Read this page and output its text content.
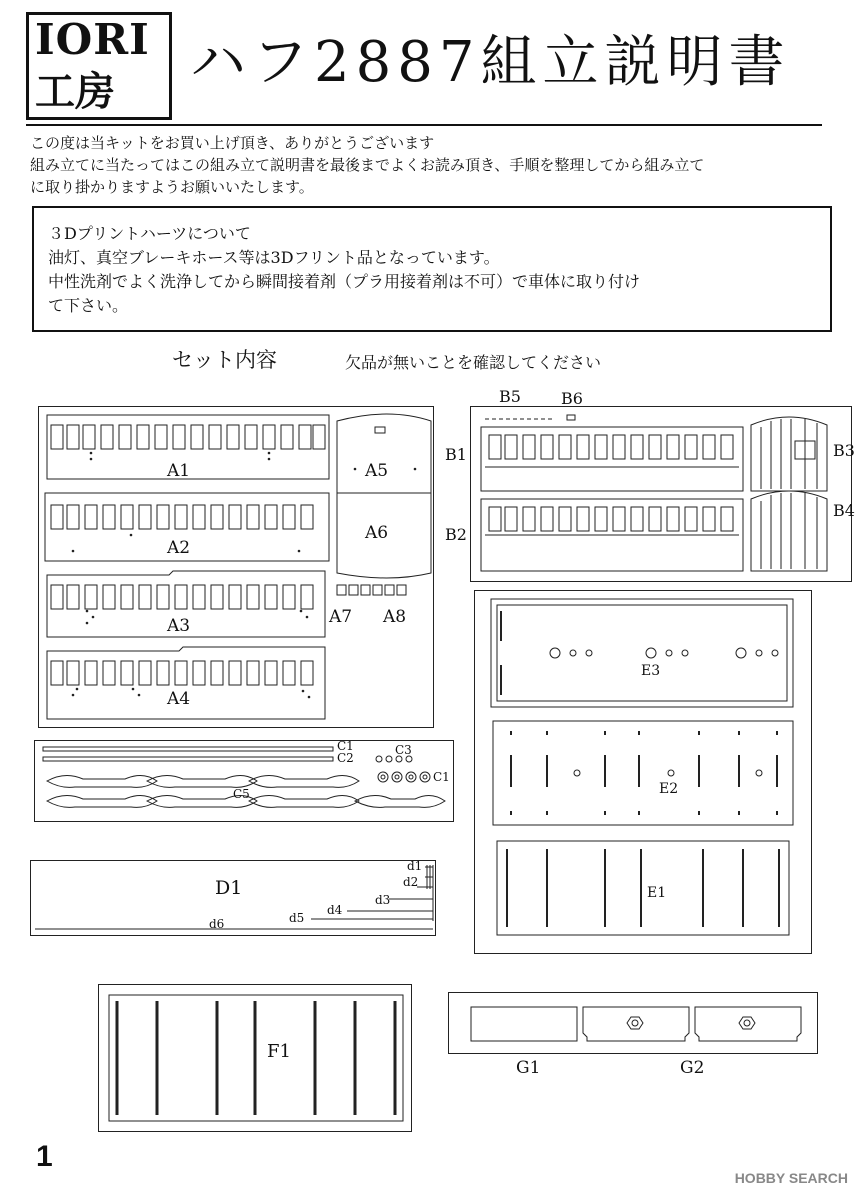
IORI
工房 ハフ2887組立説明書
この度は当キットをお買い上げ頂き、ありがとうございます
組み立てに当たってはこの組み立て説明書を最後までよくお読み頂き、手順を整理してから組み立て
に取り掛かりますようお願いいたします。
３Dプリントハーツについて
油灯、真空ブレーキホース等は3Dフリント品となっています。
中性洗剤でよく洗浄してから瞬間接着剤（プラ用接着剤は不可）で車体に取り付け
て下さい。
セット内容	欠品が無いことを確認してください
A1
A2
A3
A4
A5
A6
A7 A8
B5	B6
B1
B2
B3
B4
C1
C2
C3
C1
C5
D1
d1
d2
d3
d4
d5
d6
E3
E2
E1
F1
G1	G2
1
HOBBY SEARCH
